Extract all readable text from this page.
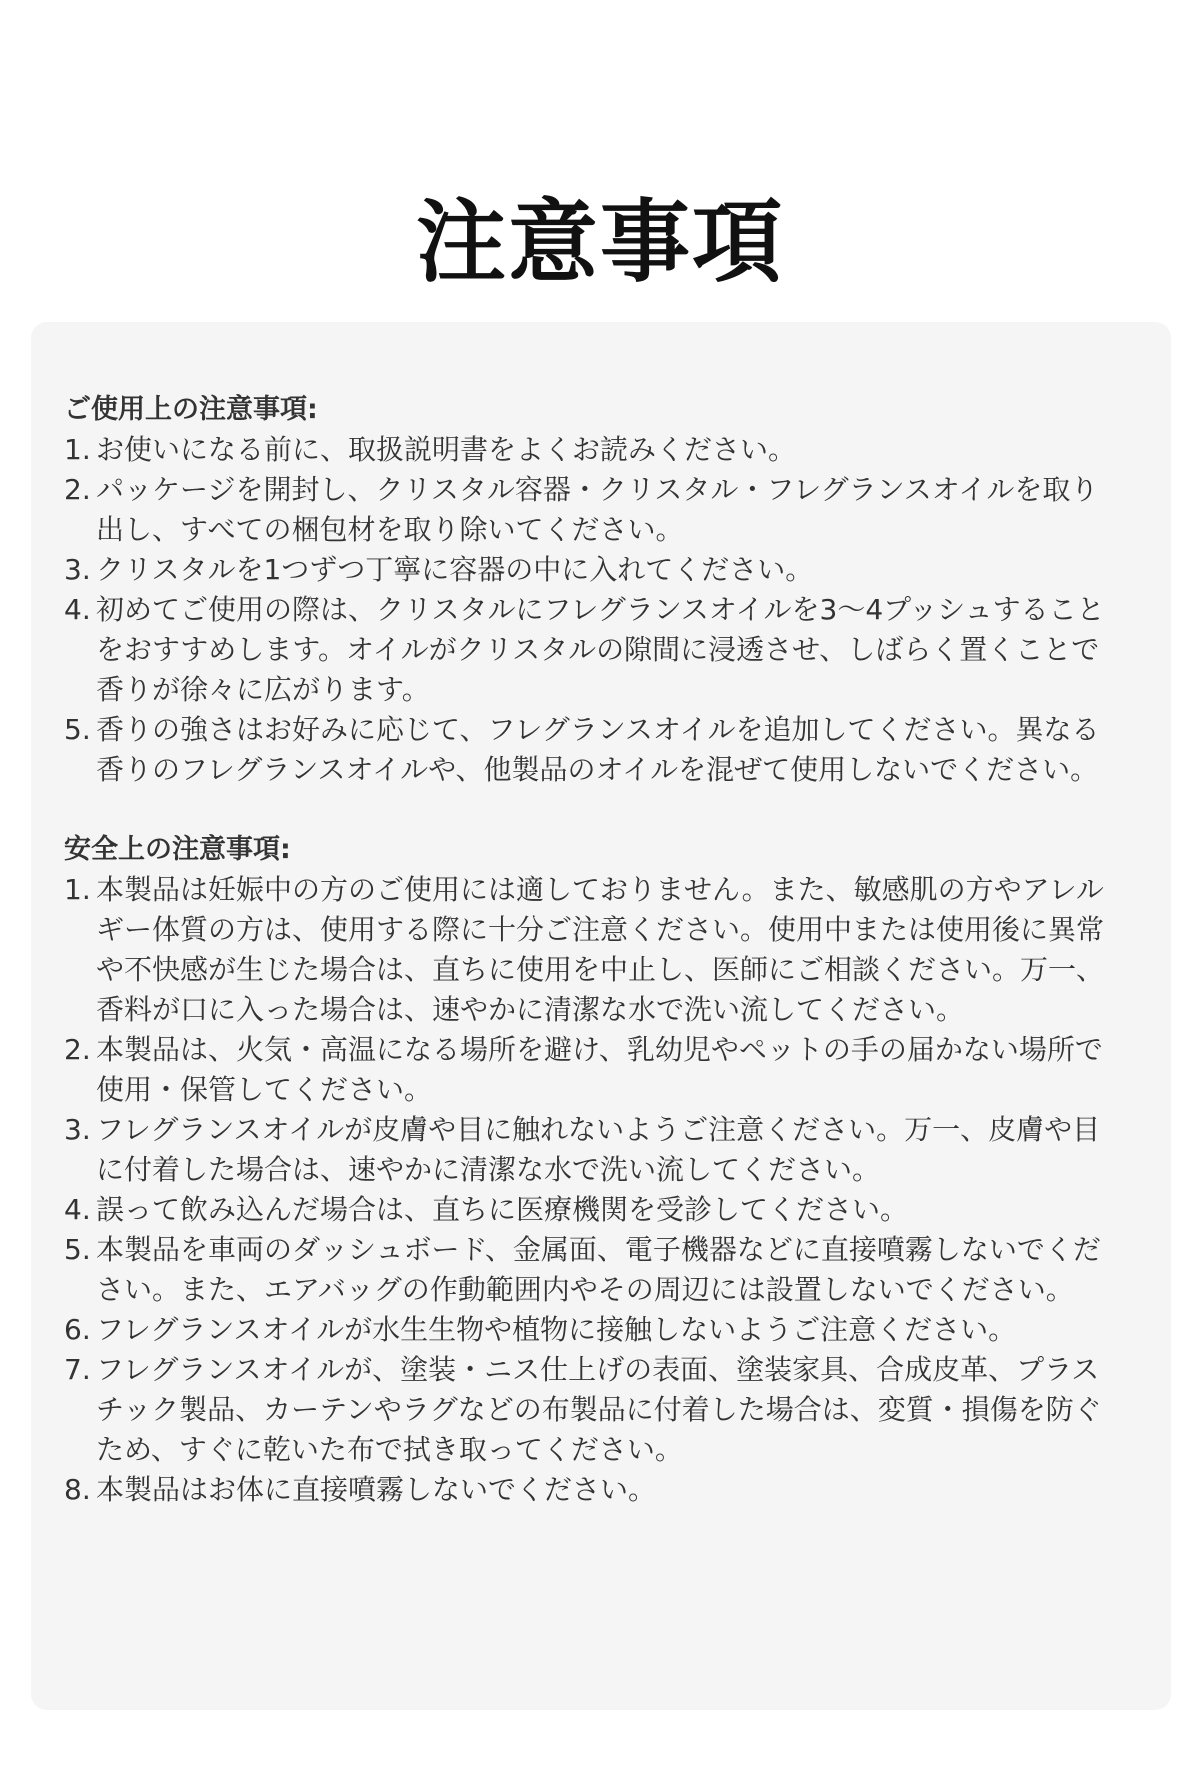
注意事項
ご使用上の注意事項:
1. お使いになる前に、取扱説明書をよくお読みください。
2. パッケージを開封し、クリスタル容器・クリスタル・フレグランスオイルを取り出し、すべての梱包材を取り除いてください。
3. クリスタルを1つずつ丁寧に容器の中に入れてください。
4. 初めてご使用の際は、クリスタルにフレグランスオイルを3〜4プッシュすることをおすすめします。オイルがクリスタルの隙間に浸透させ、しばらく置くことで香りが徐々に広がります。
5. 香りの強さはお好みに応じて、フレグランスオイルを追加してください。異なる香りのフレグランスオイルや、他製品のオイルを混ぜて使用しないでください。
安全上の注意事項:
1. 本製品は妊娠中の方のご使用には適しておりません。また、敏感肌の方やアレルギー体質の方は、使用する際に十分ご注意ください。使用中または使用後に異常や不快感が生じた場合は、直ちに使用を中止し、医師にご相談ください。万一、香料が口に入った場合は、速やかに清潔な水で洗い流してください。
2. 本製品は、火気・高温になる場所を避け、乳幼児やペットの手の届かない場所で使用・保管してください。
3. フレグランスオイルが皮膚や目に触れないようご注意ください。万一、皮膚や目に付着した場合は、速やかに清潔な水で洗い流してください。
4. 誤って飲み込んだ場合は、直ちに医療機関を受診してください。
5. 本製品を車両のダッシュボード、金属面、電子機器などに直接噴霧しないでください。また、エアバッグの作動範囲内やその周辺には設置しないでください。
6. フレグランスオイルが水生生物や植物に接触しないようご注意ください。
7. フレグランスオイルが、塗装・ニス仕上げの表面、塗装家具、合成皮革、プラスチック製品、カーテンやラグなどの布製品に付着した場合は、変質・損傷を防ぐため、すぐに乾いた布で拭き取ってください。
8. 本製品はお体に直接噴霧しないでください。
